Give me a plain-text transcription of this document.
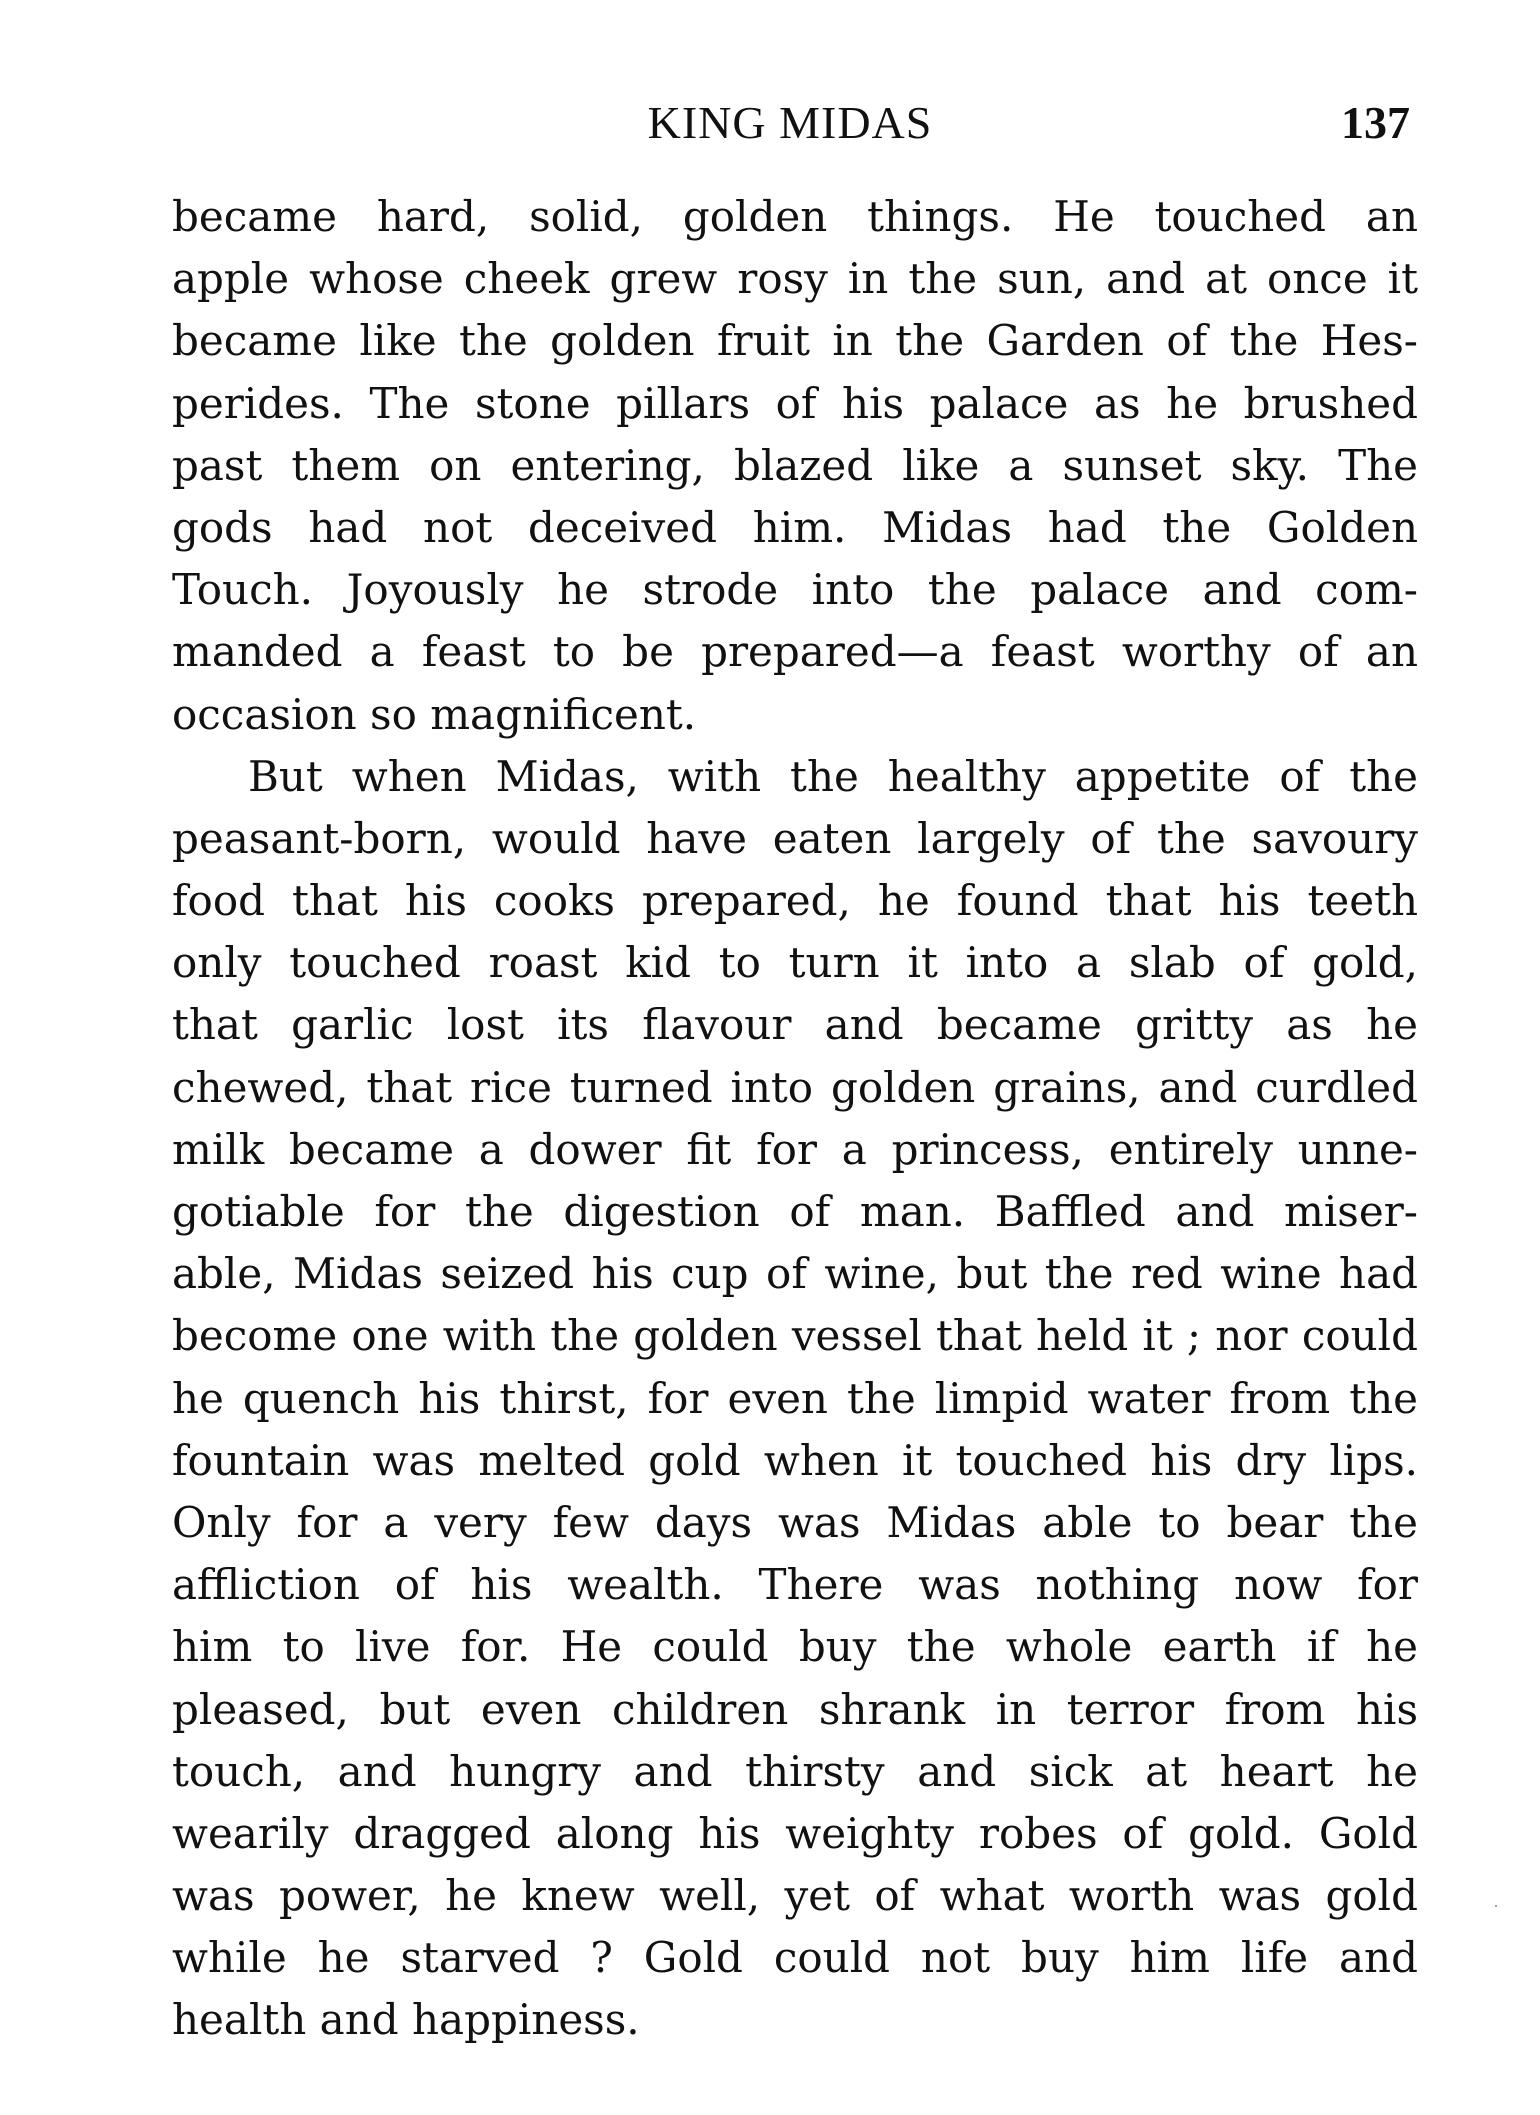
KING MIDAS	137
became hard, solid, golden things. He touched an
apple whose cheek grew rosy in the sun, and at once it
became like the golden fruit in the Garden of the Hes-
perides. The stone pillars of his palace as he brushed
past them on entering, blazed like a sunset sky. The
gods had not deceived him. Midas had the Golden
Touch. Joyously he strode into the palace and com-
manded a feast to be prepared—a feast worthy of an
occasion so magnificent.
But when Midas, with the healthy appetite of the
peasant-born, would have eaten largely of the savoury
food that his cooks prepared, he found that his teeth
only touched roast kid to turn it into a slab of gold,
that garlic lost its flavour and became gritty as he
chewed, that rice turned into golden grains, and curdled
milk became a dower fit for a princess, entirely unne-
gotiable for the digestion of man. Baffled and miser-
able, Midas seized his cup of wine, but the red wine had
become one with the golden vessel that held it ; nor could
he quench his thirst, for even the limpid water from the
fountain was melted gold when it touched his dry lips.
Only for a very few days was Midas able to bear the
affliction of his wealth. There was nothing now for
him to live for. He could buy the whole earth if he
pleased, but even children shrank in terror from his
touch, and hungry and thirsty and sick at heart he
wearily dragged along his weighty robes of gold. Gold
was power, he knew well, yet of what worth was gold
while he starved ? Gold could not buy him life and
health and happiness.
